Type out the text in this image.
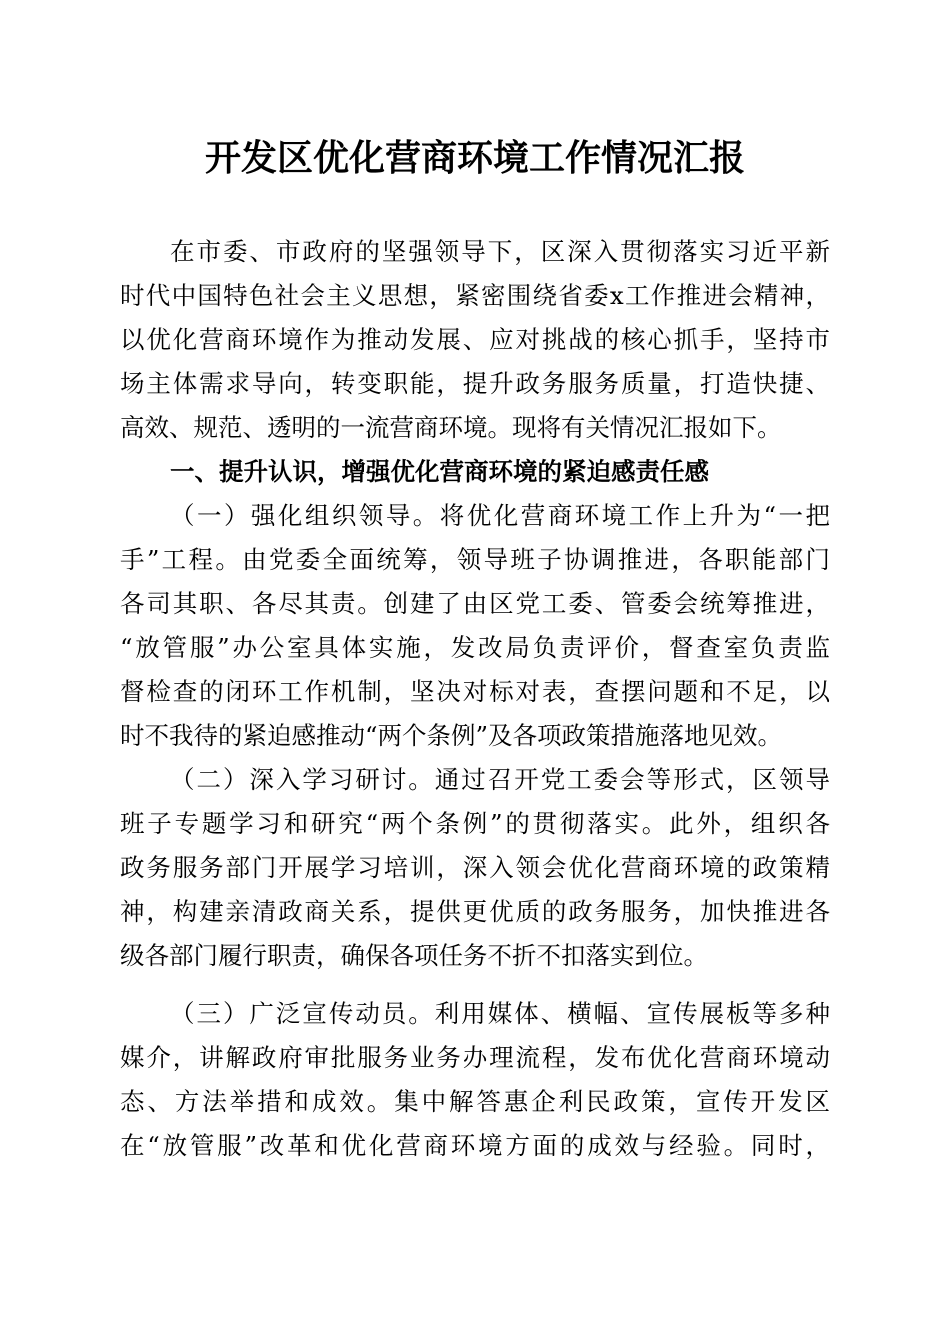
开发区优化营商环境工作情况汇报
在市委、市政府的坚强领导下，区深入贯彻落实习近平新
时代中国特色社会主义思想，紧密围绕省委x工作推进会精神，
以优化营商环境作为推动发展、应对挑战的核心抓手，坚持市
场主体需求导向，转变职能，提升政务服务质量，打造快捷、
高效、规范、透明的一流营商环境。现将有关情况汇报如下。
一、提升认识，增强优化营商环境的紧迫感责任感
（一）强化组织领导。将优化营商环境工作上升为“一把
手”工程。由党委全面统筹，领导班子协调推进，各职能部门
各司其职、各尽其责。创建了由区党工委、管委会统筹推进，
“放管服”办公室具体实施，发改局负责评价，督查室负责监
督检查的闭环工作机制，坚决对标对表，查摆问题和不足，以
时不我待的紧迫感推动“两个条例”及各项政策措施落地见效。
（二）深入学习研讨。通过召开党工委会等形式，区领导
班子专题学习和研究“两个条例”的贯彻落实。此外，组织各
政务服务部门开展学习培训，深入领会优化营商环境的政策精
神，构建亲清政商关系，提供更优质的政务服务，加快推进各
级各部门履行职责，确保各项任务不折不扣落实到位。
（三）广泛宣传动员。利用媒体、横幅、宣传展板等多种
媒介，讲解政府审批服务业务办理流程，发布优化营商环境动
态、方法举措和成效。集中解答惠企利民政策，宣传开发区
在“放管服”改革和优化营商环境方面的成效与经验。同时，
